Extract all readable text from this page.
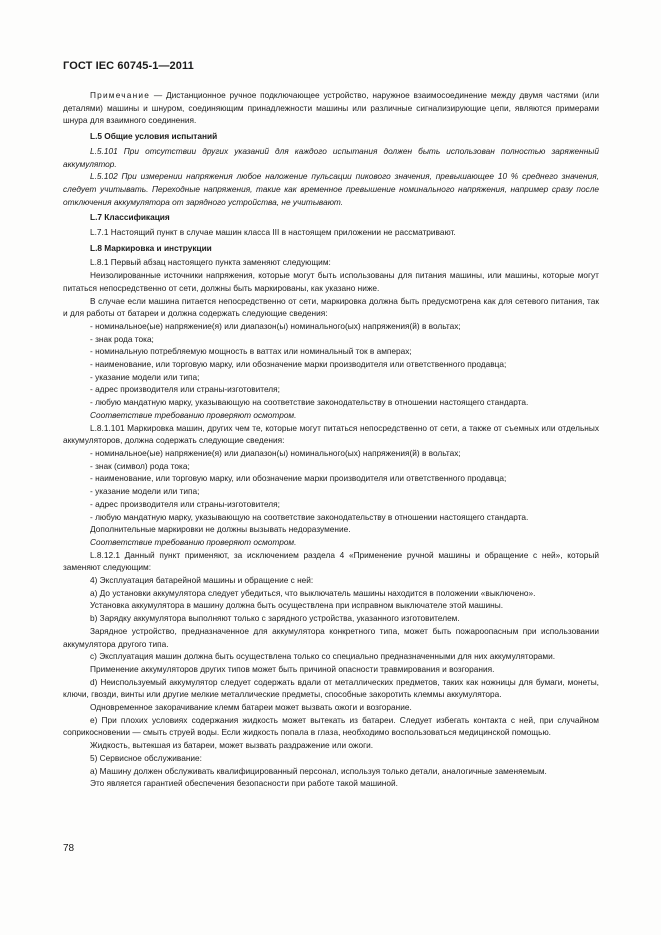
ГОСТ IEC 60745-1—2011

Примечание — Дистанционное ручное подключающее устройство, наружное взаимосоединение между двумя частями (или деталями) машины и шнуром, соединяющим принадлежности машины или различные сигнализирующие цепи, являются примерами шнура для взаимного соединения.

L.5 Общие условия испытаний

L.5.101 При отсутствии других указаний для каждого испытания должен быть использован полностью заряженный аккумулятор.

L.5.102 При измерении напряжения любое наложение пульсации пикового значения, превышающее 10 % среднего значения, следует учитывать. Переходные напряжения, такие как временное превышение номинального напряжения, например сразу после отключения аккумулятора от зарядного устройства, не учитывают.

L.7 Классификация

L.7.1 Настоящий пункт в случае машин класса III в настоящем приложении не рассматривают.

L.8 Маркировка и инструкции

L.8.1 Первый абзац настоящего пункта заменяют следующим:

Неизолированные источники напряжения, которые могут быть использованы для питания машины, или машины, которые могут питаться непосредственно от сети, должны быть маркированы, как указано ниже.

В случае если машина питается непосредственно от сети, маркировка должна быть предусмотрена как для сетевого питания, так и для работы от батареи и должна содержать следующие сведения:

- номинальное(ые) напряжение(я) или диапазон(ы) номинального(ых) напряжения(й) в вольтах;

- знак рода тока;

- номинальную потребляемую мощность в ваттах или номинальный ток в амперах;

- наименование, или торговую марку, или обозначение марки производителя или ответственного продавца;

- указание модели или типа;

- адрес производителя или страны-изготовителя;

- любую мандатную марку, указывающую на соответствие законодательству в отношении настоящего стандарта.

Соответствие требованию проверяют осмотром.

L.8.1.101 Маркировка машин, других чем те, которые могут питаться непосредственно от сети, а также от съемных или отдельных аккумуляторов, должна содержать следующие сведения:

- номинальное(ые) напряжение(я) или диапазон(ы) номинального(ых) напряжения(й) в вольтах;

- знак (символ) рода тока;

- наименование, или торговую марку, или обозначение марки производителя или ответственного продавца;

- указание модели или типа;

- адрес производителя или страны-изготовителя;

- любую мандатную марку, указывающую на соответствие законодательству в отношении настоящего стандарта.

Дополнительные маркировки не должны вызывать недоразумение.

Соответствие требованию проверяют осмотром.

L.8.12.1 Данный пункт применяют, за исключением раздела 4 «Применение ручной машины и обращение с ней», который заменяют следующим:

4) Эксплуатация батарейной машины и обращение с ней:

a) До установки аккумулятора следует убедиться, что выключатель машины находится в положении «выключено».

Установка аккумулятора в машину должна быть осуществлена при исправном выключателе этой машины.

b) Зарядку аккумулятора выполняют только с зарядного устройства, указанного изготовителем.

Зарядное устройство, предназначенное для аккумулятора конкретного типа, может быть пожароопасным при использовании аккумулятора другого типа.

c) Эксплуатация машин должна быть осуществлена только со специально предназначенными для них аккумуляторами.

Применение аккумуляторов других типов может быть причиной опасности травмирования и возгорания.

d) Неиспользуемый аккумулятор следует содержать вдали от металлических предметов, таких как ножницы для бумаги, монеты, ключи, гвозди, винты или другие мелкие металлические предметы, способные закоротить клеммы аккумулятора.

Одновременное закорачивание клемм батареи может вызвать ожоги и возгорание.

e) При плохих условиях содержания жидкость может вытекать из батареи. Следует избегать контакта с ней, при случайном соприкосновении — смыть струей воды. Если жидкость попала в глаза, необходимо воспользоваться медицинской помощью.

Жидкость, вытекшая из батареи, может вызвать раздражение или ожоги.

5) Сервисное обслуживание:

a) Машину должен обслуживать квалифицированный персонал, используя только детали, аналогичные заменяемым.

Это является гарантией обеспечения безопасности при работе такой машиной.

78
